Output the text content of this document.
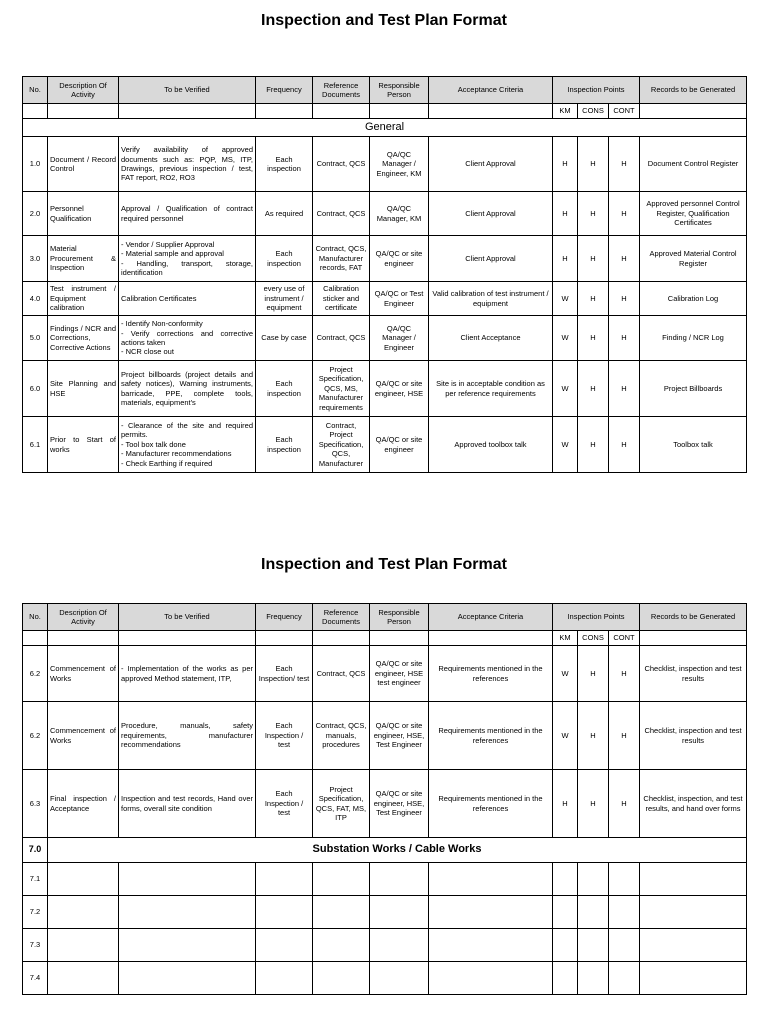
Inspection and Test Plan Format
No.	Description Of Activity	To be Verified	Frequency	Reference Documents	Responsible Person	Acceptance Criteria	Inspection Points			Records to be Generated
							KM	CONS	CONT	
General										
1.0	Document / Record Control	Verify availability of approved documents such as: PQP, MS, ITP, Drawings, previous inspection / test, FAT report, RO2, RO3	Each inspection	Contract, QCS	QA/QC Manager / Engineer, KM	Client Approval	H	H	H	Document Control Register
2.0	Personnel Qualification	Approval / Qualification of contract required personnel	As required	Contract, QCS	QA/QC Manager, KM	Client Approval	H	H	H	Approved personnel Control Register, Qualification Certificates
3.0	Material Procurement & Inspection	- Vendor / Supplier Approval
- Material sample and approval
- Handling, transport, storage, identification	Each inspection	Contract, QCS, Manufacturer records, FAT	QA/QC or site engineer	Client Approval	H	H	H	Approved Material Control Register
4.0	Test instrument / Equipment calibration	Calibration Certificates	every use of instrument / equipment	Calibration sticker and certificate	QA/QC or Test Engineer	Valid calibration of test instrument / equipment	W	H	H	Calibration Log
5.0	Findings / NCR and Corrections, Corrective Actions	- Identify Non-conformity
- Verify corrections and corrective actions taken
- NCR close out	Case by case	Contract, QCS	QA/QC Manager / Engineer	Client Acceptance	W	H	H	Finding / NCR Log
6.0	Site Planning and HSE	Project billboards (project details and safety notices), Warning instruments, barricade, PPE, complete tools, materials, equipment's	Each inspection	Project Specification, QCS, MS, Manufacturer requirements	QA/QC or site engineer, HSE	Site is in acceptable condition as per reference requirements	W	H	H	Project Billboards
6.1	Prior to Start of works	- Clearance of the site and required permits.
- Tool box talk done
- Manufacturer recommendations
- Check Earthing if required	Each inspection	Contract, Project Specification, QCS, Manufacturer	QA/QC or site engineer	Approved toolbox talk	W	H	H	Toolbox talk
Inspection and Test Plan Format
No.	Description Of Activity	To be Verified	Frequency	Reference Documents	Responsible Person	Acceptance Criteria	Inspection Points			Records to be Generated
							KM	CONS	CONT	
6.2	Commencement of Works	- Implementation of the works as per approved Method statement, ITP,	Each Inspection/ test	Contract, QCS	QA/QC or site engineer, HSE test engineer	Requirements mentioned in the references	W	H	H	Checklist, inspection and test results
6.2	Commencement of Works	Procedure, manuals, safety requirements, manufacturer recommendations	Each Inspection / test	Contract, QCS, manuals, procedures	QA/QC or site engineer, HSE, Test Engineer	Requirements mentioned in the references	W	H	H	Checklist, inspection and test results
6.3	Final inspection / Acceptance	Inspection and test records, Hand over forms, overall site condition	Each Inspection / test	Project Specification, QCS, FAT, MS, ITP	QA/QC or site engineer, HSE, Test Engineer	Requirements mentioned in the references	H	H	H	Checklist, inspection, and test results, and hand over forms
7.0	Substation Works / Cable Works									
7.1										
7.2										
7.3										
7.4										
